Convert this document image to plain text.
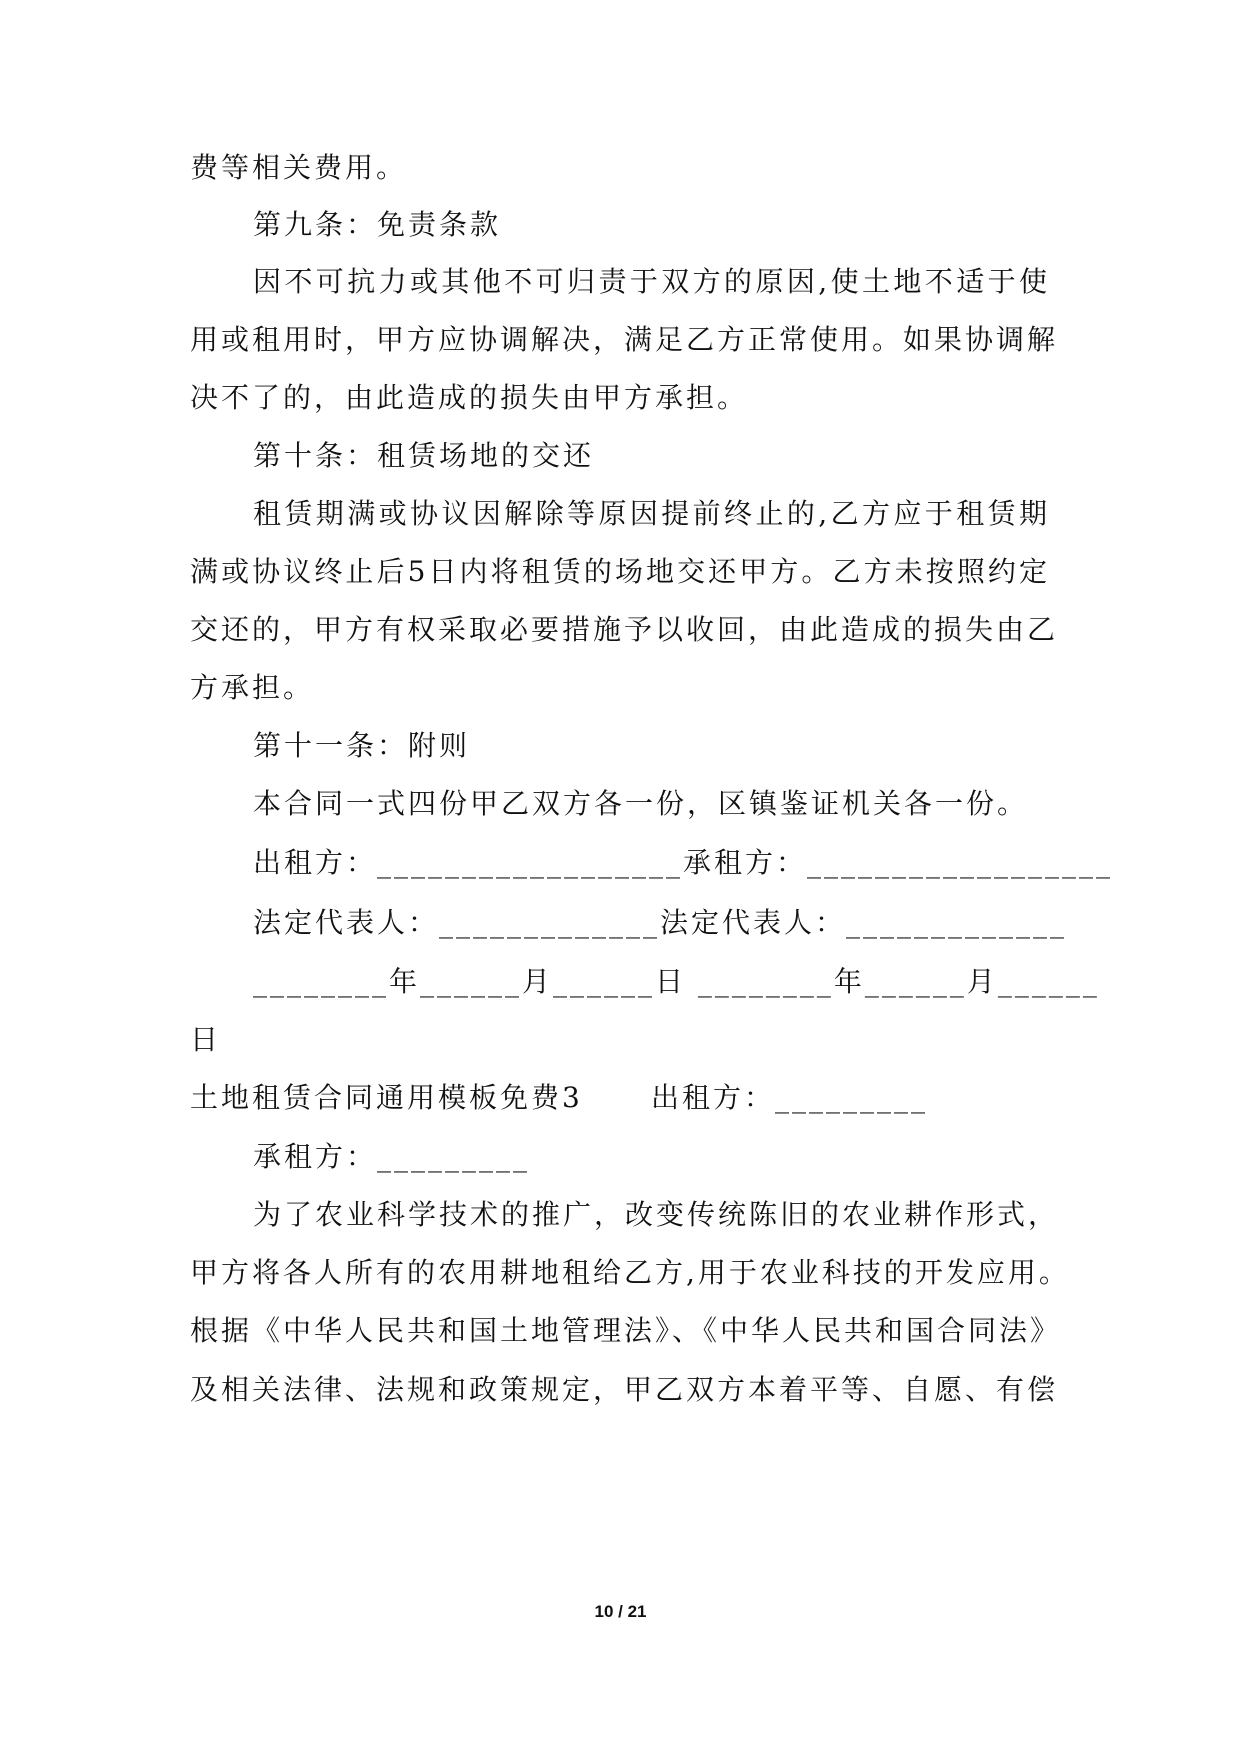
费等相关费用。
第九条：免责条款
因不可抗力或其他不可归责于双方的原因,使土地不适于使
用或租用时，甲方应协调解决，满足乙方正常使用。如果协调解
决不了的，由此造成的损失由甲方承担。
第十条：租赁场地的交还
租赁期满或协议因解除等原因提前终止的,乙方应于租赁期
满或协议终止后5日内将租赁的场地交还甲方。乙方未按照约定
交还的，甲方有权采取必要措施予以收回，由此造成的损失由乙
方承担。
第十一条：附则
本合同一式四份甲乙双方各一份，区镇鉴证机关各一份。
出租方：__________________承租方：__________________
法定代表人：_____________法定代表人：_____________
________年______月______日 ________年______月______
日
土地租赁合同通用模板免费3 出租方：_________
承租方：_________
为了农业科学技术的推广，改变传统陈旧的农业耕作形式，
甲方将各人所有的农用耕地租给乙方,用于农业科技的开发应用。
根据《中华人民共和国土地管理法》、《中华人民共和国合同法》
及相关法律、法规和政策规定，甲乙双方本着平等、自愿、有偿
10 / 21
